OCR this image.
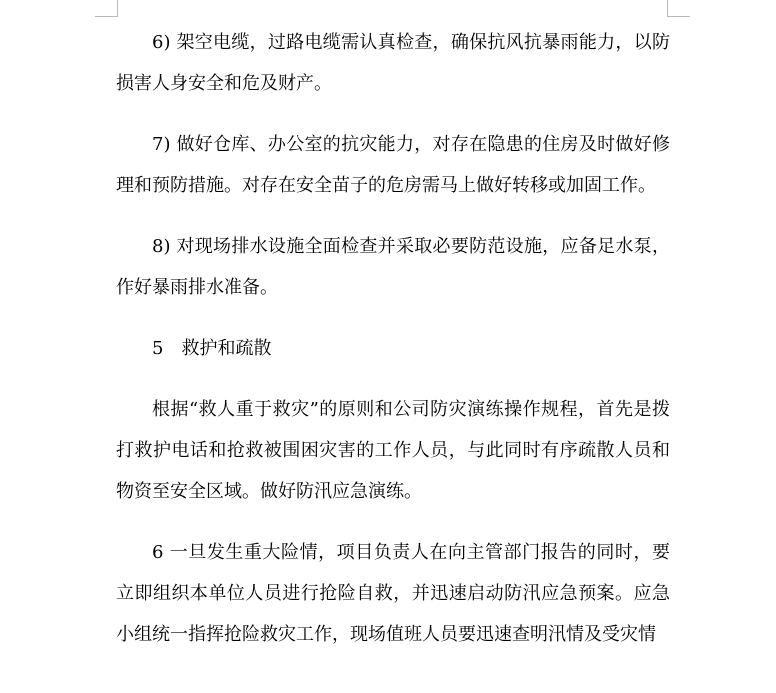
6) 架空电缆，过路电缆需认真检查，确保抗风抗暴雨能力，以防损害人身安全和危及财产。

7) 做好仓库、办公室的抗灾能力，对存在隐患的住房及时做好修理和预防措施。对存在安全苗子的危房需马上做好转移或加固工作。

8) 对现场排水设施全面检查并采取必要防范设施，应备足水泵，作好暴雨排水准备。

5　救护和疏散

根据“救人重于救灾”的原则和公司防灾演练操作规程，首先是拨打救护电话和抢救被围困灾害的工作人员，与此同时有序疏散人员和物资至安全区域。做好防汛应急演练。

6 一旦发生重大险情，项目负责人在向主管部门报告的同时，要立即组织本单位人员进行抢险自救，并迅速启动防汛应急预案。应急小组统一指挥抢险救灾工作，现场值班人员要迅速查明汛情及受灾情
